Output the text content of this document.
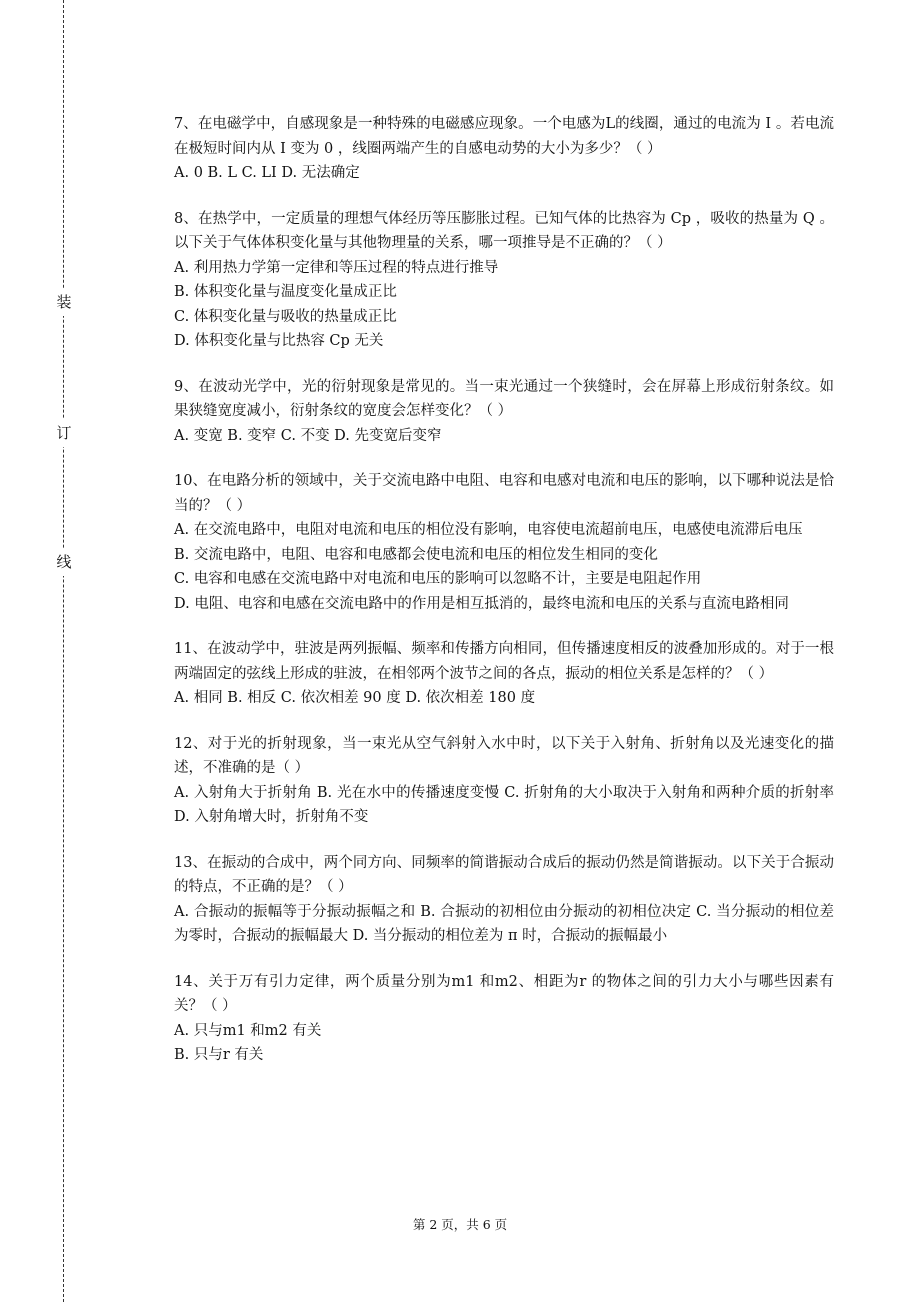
装
订
线

7、在电磁学中，自感现象是一种特殊的电磁感应现象。一个电感为L的线圈，通过的电流为 I 。若电流在极短时间内从 I 变为 0 ，线圈两端产生的自感电动势的大小为多少？（ ）

A. 0 B. L C. LI D. 无法确定

8、在热学中，一定质量的理想气体经历等压膨胀过程。已知气体的比热容为 Cp ，吸收的热量为 Q 。以下关于气体体积变化量与其他物理量的关系，哪一项推导是不正确的？（ ）

A. 利用热力学第一定律和等压过程的特点进行推导

B. 体积变化量与温度变化量成正比

C. 体积变化量与吸收的热量成正比

D. 体积变化量与比热容 Cp 无关

9、在波动光学中，光的衍射现象是常见的。当一束光通过一个狭缝时，会在屏幕上形成衍射条纹。如果狭缝宽度减小，衍射条纹的宽度会怎样变化？（ ）

A. 变宽 B. 变窄 C. 不变 D. 先变宽后变窄

10、在电路分析的领域中，关于交流电路中电阻、电容和电感对电流和电压的影响，以下哪种说法是恰当的？（ ）

A. 在交流电路中，电阻对电流和电压的相位没有影响，电容使电流超前电压，电感使电流滞后电压

B. 交流电路中，电阻、电容和电感都会使电流和电压的相位发生相同的变化

C. 电容和电感在交流电路中对电流和电压的影响可以忽略不计，主要是电阻起作用

D. 电阻、电容和电感在交流电路中的作用是相互抵消的，最终电流和电压的关系与直流电路相同

11、在波动学中，驻波是两列振幅、频率和传播方向相同，但传播速度相反的波叠加形成的。对于一根两端固定的弦线上形成的驻波，在相邻两个波节之间的各点，振动的相位关系是怎样的？（ ）

A. 相同 B. 相反 C. 依次相差 90 度 D. 依次相差 180 度

12、对于光的折射现象，当一束光从空气斜射入水中时，以下关于入射角、折射角以及光速变化的描述，不准确的是（ ）

A. 入射角大于折射角 B. 光在水中的传播速度变慢 C. 折射角的大小取决于入射角和两种介质的折射率 D. 入射角增大时，折射角不变

13、在振动的合成中，两个同方向、同频率的简谐振动合成后的振动仍然是简谐振动。以下关于合振动的特点，不正确的是？（ ）

A. 合振动的振幅等于分振动振幅之和 B. 合振动的初相位由分振动的初相位决定 C. 当分振动的相位差为零时，合振动的振幅最大 D. 当分振动的相位差为 π 时，合振动的振幅最小

14、关于万有引力定律，两个质量分别为m1 和m2、相距为r 的物体之间的引力大小与哪些因素有关？（ ）

A. 只与m1 和m2 有关

B. 只与r 有关

第 2 页，共 6 页
